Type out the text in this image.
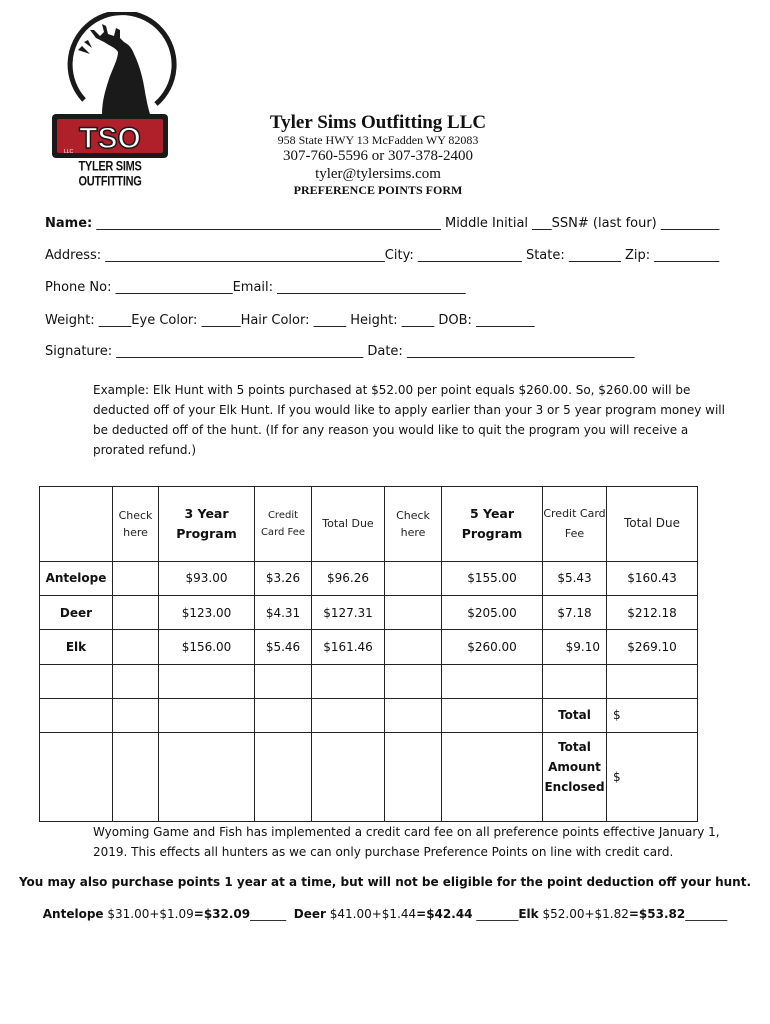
TSO
LLC
TYLER SIMS OUTFITTING
Tyler Sims Outfitting LLC
958 State HWY 13 McFadden WY 82083
307-760-5596 or 307-378-2400
tyler@tylersims.com
PREFERENCE POINTS FORM
Name: _____________________________________________________ Middle Initial ___SSN# (last four) _________
Address: ___________________________________________City: ________________ State: ________ Zip: __________
Phone No: __________________Email: _____________________________
Weight: _____Eye Color: ______Hair Color: _____ Height: _____ DOB: _________
Signature: ______________________________________ Date: ___________________________________
Example: Elk Hunt with 5 points purchased at $52.00 per point equals $260.00. So, $260.00 will be deducted off of your Elk Hunt. If you would like to apply earlier than your 3 or 5 year program money will be deducted off of the hunt. (If for any reason you would like to quit the program you will receive a prorated refund.)
	Check here	3 Year Program	Credit Card Fee	Total Due	Check here	5 Year Program	Credit Card Fee	Total Due
Antelope		$93.00	$3.26	$96.26		$155.00	$5.43	$160.43
Deer		$123.00	$4.31	$127.31		$205.00	$7.18	$212.18
Elk		$156.00	$5.46	$161.46		$260.00	$9.10	$269.10

							Total	$
							Total Amount Enclosed	$
Wyoming Game and Fish has implemented a credit card fee on all preference points effective January 1, 2019. This effects all hunters as we can only purchase Preference Points on line with credit card.
You may also purchase points 1 year at a time, but will not be eligible for the point deduction off your hunt.
Antelope $31.00+$1.09=$32.09______  Deer $41.00+$1.44=$42.44 _______Elk $52.00+$1.82=$53.82_______
